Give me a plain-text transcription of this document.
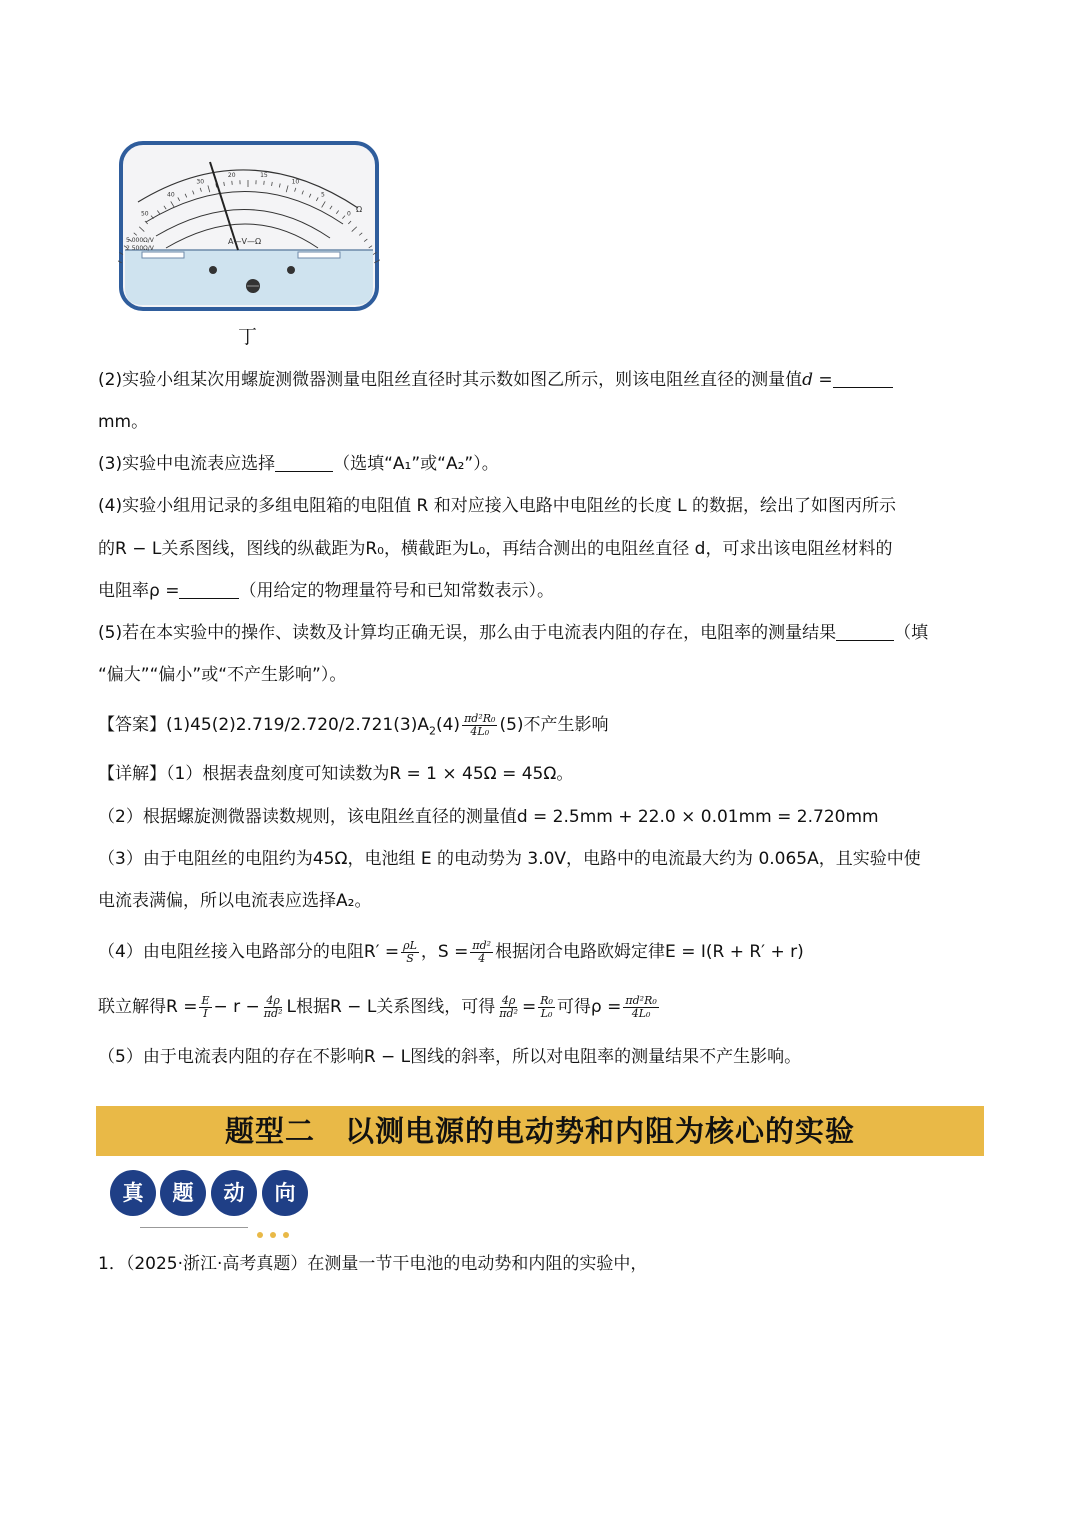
5 000Ω/V
2 500Ω/V
A—V—Ω
Ω
50
40
30
20	15
10
5
0
丁
(2)实验小组某次用螺旋测微器测量电阻丝直径时其示数如图乙所示，则该电阻丝直径的测量值d =
mm。
(3)实验中电流表应选择	（选填“A₁”或“A₂”）。
(4)实验小组用记录的多组电阻箱的电阻值 R 和对应接入电路中电阻丝的长度 L 的数据，绘出了如图丙所示
的R − L关系图线，图线的纵截距为R₀，横截距为L₀，再结合测出的电阻丝直径 d，可求出该电阻丝材料的
电阻率ρ =	（用给定的物理量符号和已知常数表示）。
(5)若在本实验中的操作、读数及计算均正确无误，那么由于电流表内阻的存在，电阻率的测量结果	（填
“偏大”“偏小”或“不产生影响”）。
【答案】$(1)45(2)2.719/2.720/2.721(3)A_2(4) \frac{\text{πd²R₀}}{\text{4L₀}} (5)$不产生影响
【详解】（1）根据表盘刻度可知读数为R = 1 × 45Ω = 45Ω。
（2）根据螺旋测微器读数规则，该电阻丝直径的测量值d = 2.5mm + 22.0 × 0.01mm = 2.720mm
（3）由于电阻丝的电阻约为45Ω，电池组 E 的电动势为 3.0V，电路中的电流最大约为 0.065A，且实验中使
电流表满偏，所以电流表应选择A₂。
（4）由电阻丝接入电路部分的电阻$R' = \frac{\rho L}{S}$ ，$S = \frac{\text{πd²}}{4}$ 根据闭合电路欧姆定律E = I(R + R′ + r)
联立解得$R = \frac{E}{I} - r - \frac{4\rho}{\text{πd²}}$ L根据R − L关系图线，可得 $\frac{4\rho}{\text{πd²}} = \frac{\text{R₀}}{\text{L₀}}$ 可得$\rho = \frac{\text{πd²R₀}}{\text{4L₀}}$
（5）由于电流表内阻的存在不影响R − L图线的斜率，所以对电阻率的测量结果不产生影响。
题型二　以测电源的电动势和内阻为核心的实验
真	题	动	向
1．（2025·浙江·高考真题）在测量一节干电池的电动势和内阻的实验中，
